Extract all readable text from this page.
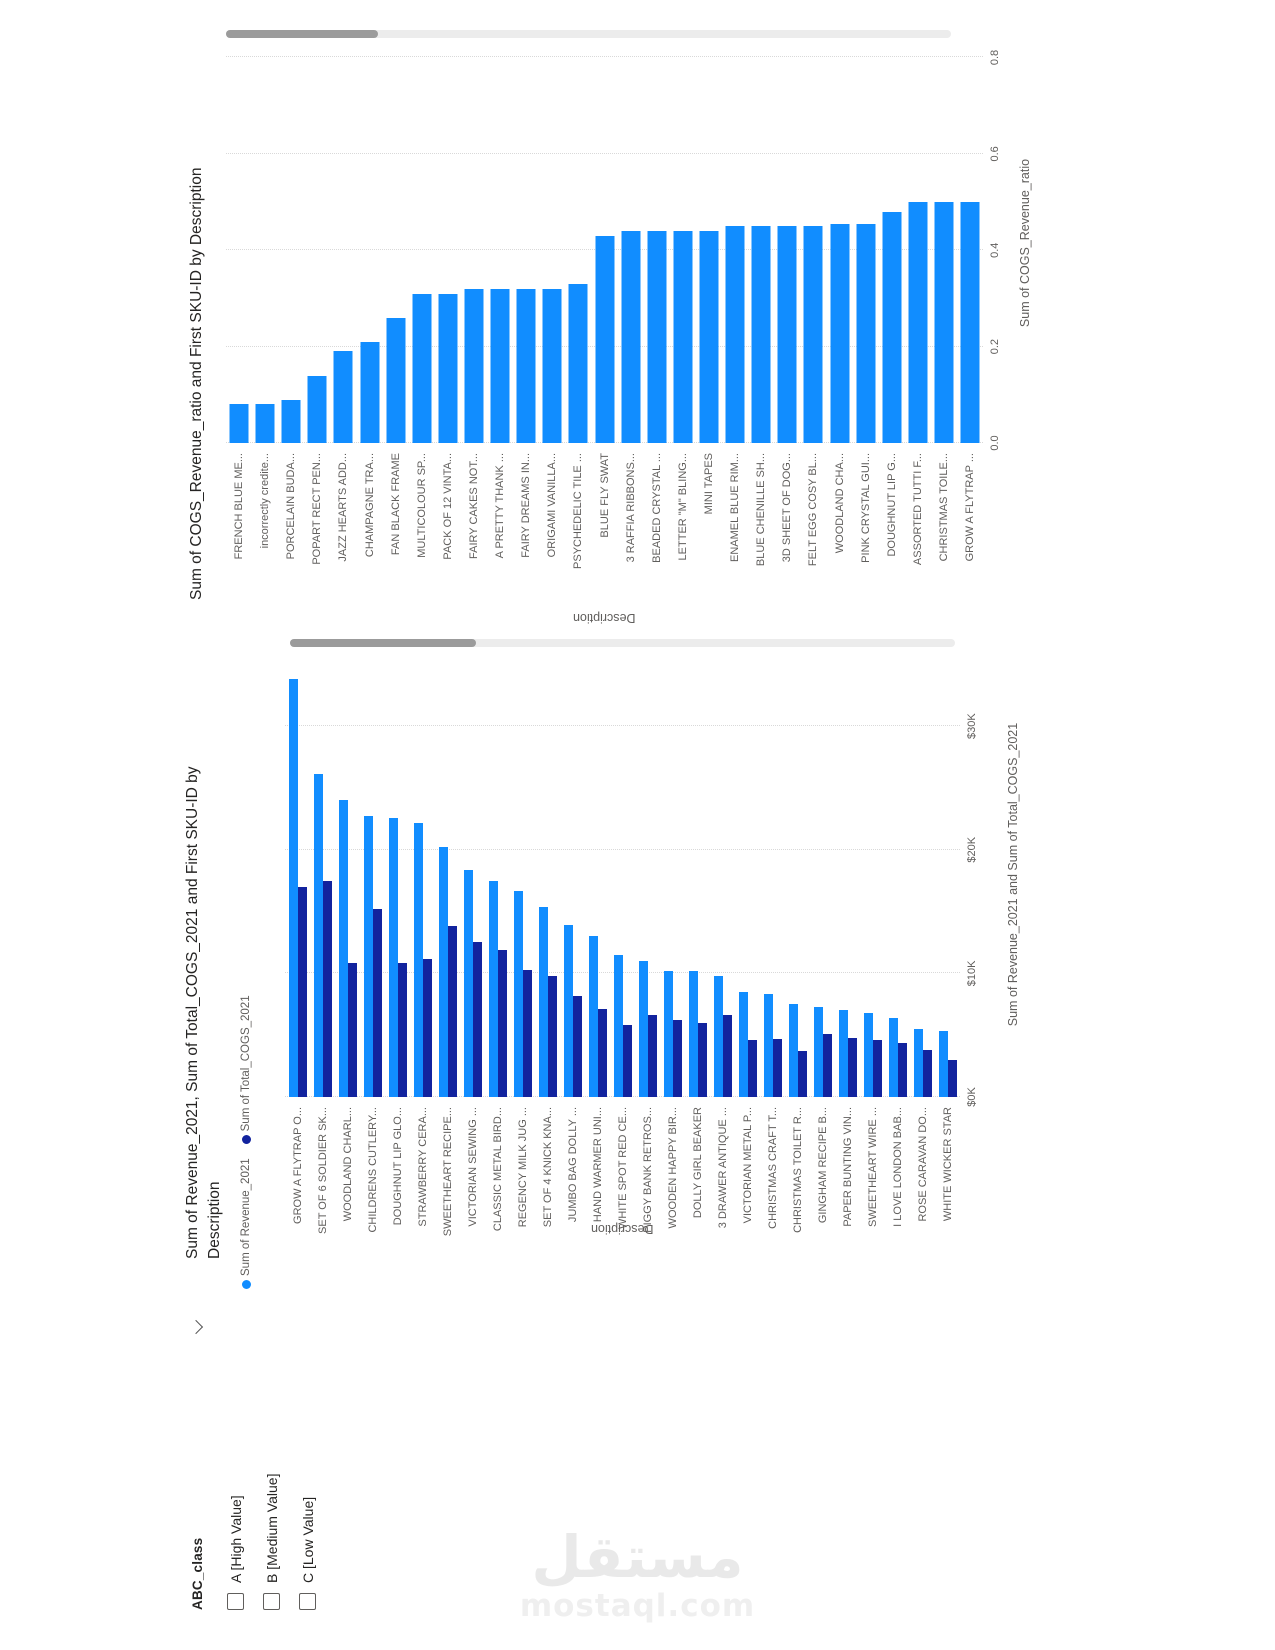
ABC_class A [High Value] B [Medium Value] C [Low Value]
Sum of Revenue_2021, Sum of Total_COGS_2021 and First SKU-ID by Description Sum of Revenue_2021
Sum of Total_COGS_2021
GROW A FLYTRAP O... SET OF 6 SOLDIER SK... WOODLAND CHARL... CHILDRENS CUTLERY... DOUGHNUT LIP GLO... STRAWBERRY CERA... SWEETHEART RECIPE... VICTORIAN SEWING ... CLASSIC METAL BIRD... REGENCY MILK JUG ... SET OF 4 KNICK KNA... JUMBO BAG DOLLY ... HAND WARMER UNI... WHITE SPOT RED CE... PIGGY BANK RETROS... WOODEN HAPPY BIR... DOLLY GIRL BEAKER 3 DRAWER ANTIQUE ... VICTORIAN METAL P... CHRISTMAS CRAFT T... CHRISTMAS TOILET R... GINGHAM RECIPE B... PAPER BUNTING VIN... SWEETHEART WIRE ... I LOVE LONDON BAB... ROSE CARAVAN DO... WHITE WICKER STAR
$0K
$10K
$20K
$30K Sum of Revenue_2021 and Sum of Total_COGS_2021
Description
Sum of COGS_Revenue_ratio and First SKU-ID by Description	FRENCH BLUE ME... incorrectly credite... PORCELAIN BUDA... POPART RECT PEN... JAZZ HEARTS ADD... CHAMPAGNE TRA... FAN BLACK FRAME MULTICOLOUR SP... PACK OF 12 VINTA... FAIRY CAKES NOT... A PRETTY THANK ... FAIRY DREAMS IN... ORIGAMI VANILLA... PSYCHEDELIC TILE ... BLUE FLY SWAT 3 RAFFIA RIBBONS... BEADED CRYSTAL ... LETTER "M" BLING... MINI TAPES ENAMEL BLUE RIM... BLUE CHENILLE SH... 3D SHEET OF DOG... FELT EGG COSY BL... WOODLAND CHA... PINK CRYSTAL GUI... DOUGHNUT LIP G... ASSORTED TUTTI F... CHRISTMAS TOILE... GROW A FLYTRAP ...
0.0
0.2
0.4
0.6
0.8
Sum of COGS_Revenue_ratio
Description
مستقل
mostaql.com
